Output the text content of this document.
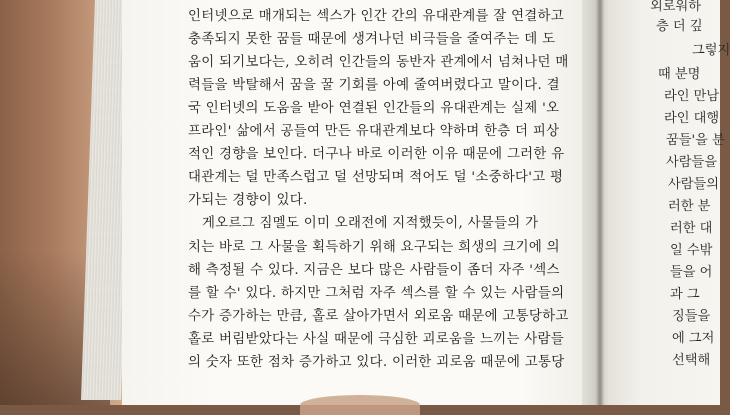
인터넷으로 매개되는 섹스가 인간 간의 유대관계를 잘 연결하고
충족되지 못한 꿈들 때문에 생겨나던 비극들을 줄여주는 데 도
움이 되기보다는, 오히려 인간들의 동반자 관계에서 넘쳐나던 매
력들을 박탈해서 꿈을 꿀 기회를 아예 줄여버렸다고 말이다. 결
국 인터넷의 도움을 받아 연결된 인간들의 유대관계는 실제 '오
프라인' 삶에서 공들여 만든 유대관계보다 약하며 한층 더 피상
적인 경향을 보인다. 더구나 바로 이러한 이유 때문에 그러한 유
대관계는 덜 만족스럽고 덜 선망되며 적어도 덜 '소중하다'고 평
가되는 경향이 있다.
게오르그 짐멜도 이미 오래전에 지적했듯이, 사물들의 가
치는 바로 그 사물을 획득하기 위해 요구되는 희생의 크기에 의
해 측정될 수 있다. 지금은 보다 많은 사람들이 좀더 자주 '섹스
를 할 수' 있다. 하지만 그처럼 자주 섹스를 할 수 있는 사람들의
수가 증가하는 만큼, 홀로 살아가면서 외로움 때문에 고통당하고
홀로 버림받았다는 사실 때문에 극심한 괴로움을 느끼는 사람들
의 숫자 또한 점차 증가하고 있다. 이러한 괴로움 때문에 고통당
외로워하
층 더 깊
그렇지
때 분명
라인 만남
라인 대행
꿈들'을 분
사람들을
사람들의
러한 분
러한 대
일 수밖
들을 어
과 그
징들을
에 그저
선택해
